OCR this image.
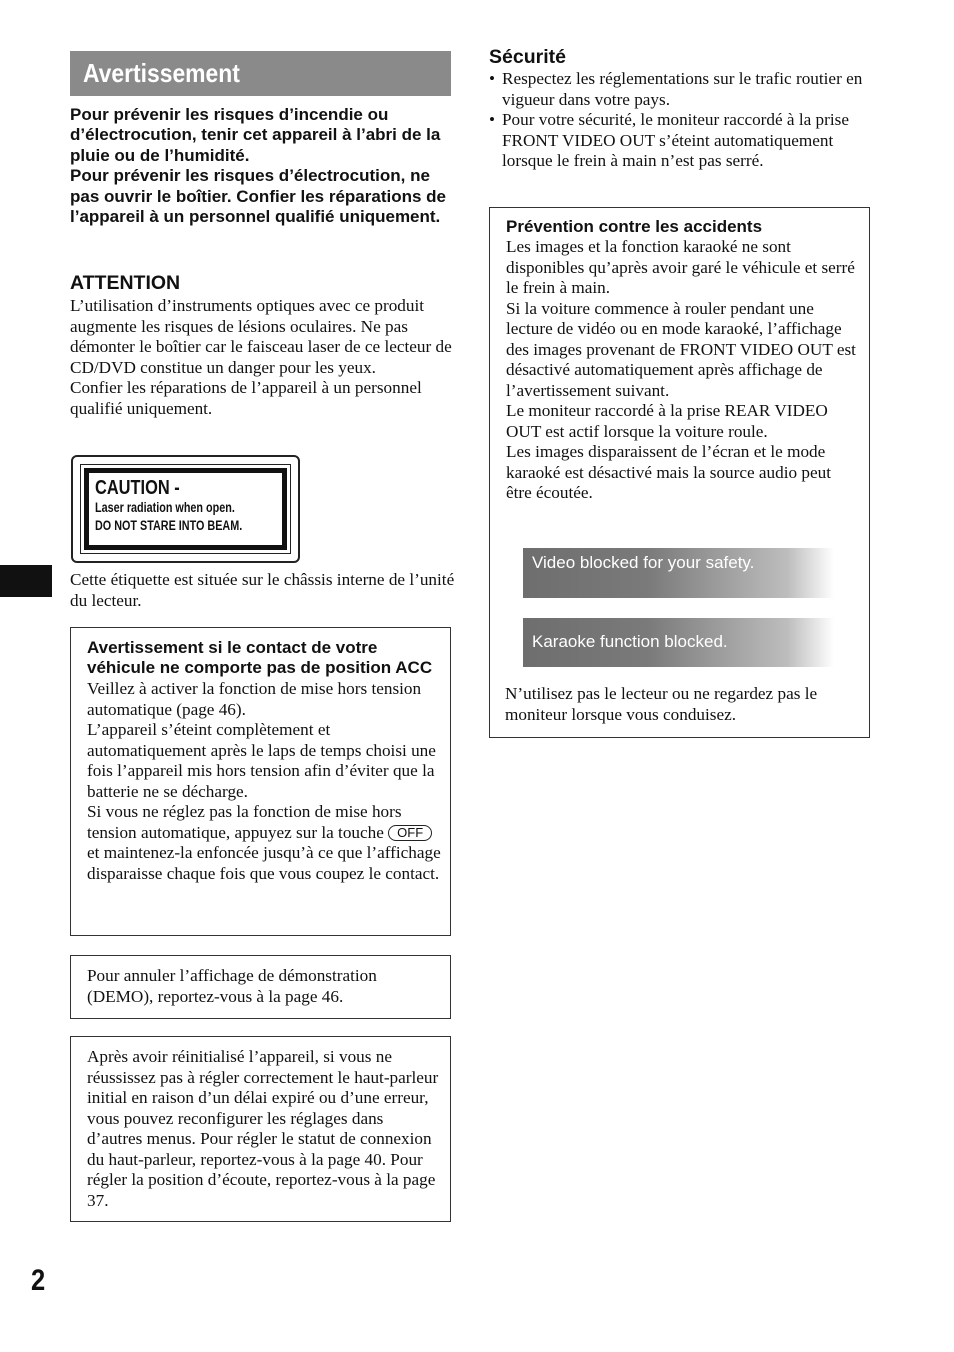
Avertissement

Pour prévenir les risques d’incendie ou d’électrocution, tenir cet appareil à l’abri de la pluie ou de l’humidité.

Pour prévenir les risques d’électrocution, ne pas ouvrir le boîtier. Confier les réparations de l’appareil à un personnel qualifié uniquement.

ATTENTION

L’utilisation d’instruments optiques avec ce produit augmente les risques de lésions oculaires. Ne pas démonter le boîtier car le faisceau laser de ce lecteur de CD/DVD constitue un danger pour les yeux.

Confier les réparations de l’appareil à un personnel qualifié uniquement.

CAUTION -
Laser radiation when open.
DO NOT STARE INTO BEAM.

Cette étiquette est située sur le châssis interne de l’unité du lecteur.

Avertissement si le contact de votre véhicule ne comporte pas de position ACC

Veillez à activer la fonction de mise hors tension automatique (page 46).

L’appareil s’éteint complètement et automatiquement après le laps de temps choisi une fois l’appareil mis hors tension afin d’éviter que la batterie ne se décharge.

Si vous ne réglez pas la fonction de mise hors tension automatique, appuyez sur la touche OFF et maintenez-la enfoncée jusqu’à ce que l’affichage disparaisse chaque fois que vous coupez le contact.

Pour annuler l’affichage de démonstration (DEMO), reportez-vous à la page 46.

Après avoir réinitialisé l’appareil, si vous ne réussissez pas à régler correctement le haut-parleur initial en raison d’un délai expiré ou d’une erreur, vous pouvez reconfigurer les réglages dans d’autres menus. Pour régler le statut de connexion du haut-parleur, reportez-vous à la page 40. Pour régler la position d’écoute, reportez-vous à la page 37.

2
Sécurité
• Respectez les réglementations sur le trafic routier en vigueur dans votre pays.
• Pour votre sécurité, le moniteur raccordé à la prise FRONT VIDEO OUT s’éteint automatiquement lorsque le frein à main n’est pas serré.

Prévention contre les accidents

Les images et la fonction karaoké ne sont disponibles qu’après avoir garé le véhicule et serré le frein à main.

Si la voiture commence à rouler pendant une lecture de vidéo ou en mode karaoké, l’affichage des images provenant de FRONT VIDEO OUT est désactivé automatiquement après affichage de l’avertissement suivant.

Le moniteur raccordé à la prise REAR VIDEO OUT est actif lorsque la voiture roule.

Les images disparaissent de l’écran et le mode karaoké est désactivé mais la source audio peut être écoutée.

Video blocked for your safety.
Karaoke function blocked.

N’utilisez pas le lecteur ou ne regardez pas le moniteur lorsque vous conduisez.
